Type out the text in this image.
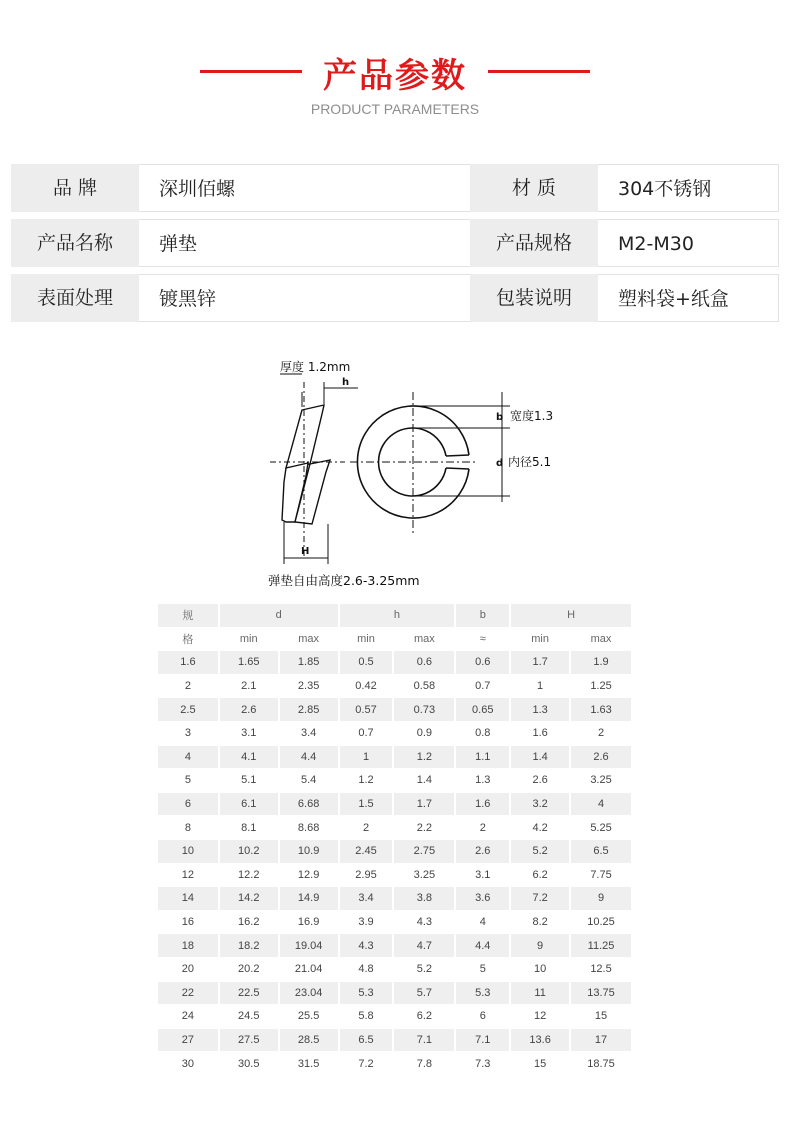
产品参数
PRODUCT PARAMETERS
品 牌	深圳佰螺	材 质	304不锈钢
产品名称	弹垫	产品规格	M2-M30
表面处理	镀黑锌	包装说明	塑料袋+纸盒
厚度 1.2mm
h
b 宽度1.3
d 内径5.1
H
弹垫自由高度2.6-3.25mm
规	d		h		b	H	
格	min	max	min	max	≈	min	max
1.6	1.65	1.85	0.5	0.6	0.6	1.7	1.9
2	2.1	2.35	0.42	0.58	0.7	1	1.25
2.5	2.6	2.85	0.57	0.73	0.65	1.3	1.63
3	3.1	3.4	0.7	0.9	0.8	1.6	2
4	4.1	4.4	1	1.2	1.1	1.4	2.6
5	5.1	5.4	1.2	1.4	1.3	2.6	3.25
6	6.1	6.68	1.5	1.7	1.6	3.2	4
8	8.1	8.68	2	2.2	2	4.2	5.25
10	10.2	10.9	2.45	2.75	2.6	5.2	6.5
12	12.2	12.9	2.95	3.25	3.1	6.2	7.75
14	14.2	14.9	3.4	3.8	3.6	7.2	9
16	16.2	16.9	3.9	4.3	4	8.2	10.25
18	18.2	19.04	4.3	4.7	4.4	9	11.25
20	20.2	21.04	4.8	5.2	5	10	12.5
22	22.5	23.04	5.3	5.7	5.3	11	13.75
24	24.5	25.5	5.8	6.2	6	12	15
27	27.5	28.5	6.5	7.1	7.1	13.6	17
30	30.5	31.5	7.2	7.8	7.3	15	18.75
